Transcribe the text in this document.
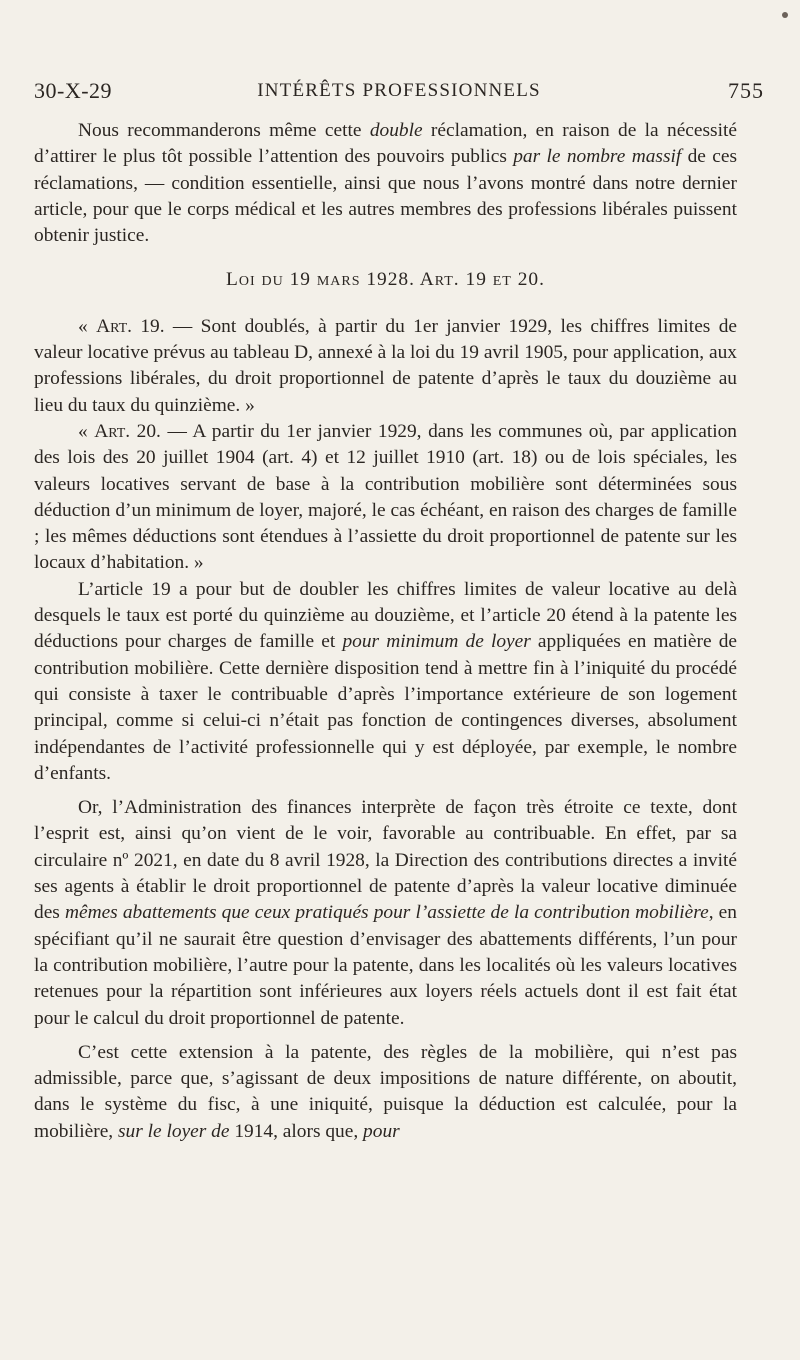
30-X-29	INTÉRÊTS PROFESSIONNELS	755

Nous recommanderons même cette double réclamation, en raison de la nécessité d’attirer le plus tôt possible l’attention des pouvoirs publics par le nombre massif de ces réclamations, — condition essentielle, ainsi que nous l’avons montré dans notre dernier article, pour que le corps médical et les autres membres des professions libérales puissent obtenir justice.

Loi du 19 mars 1928. Art. 19 et 20.

« Art. 19. — Sont doublés, à partir du 1er janvier 1929, les chiffres limites de valeur locative prévus au tableau D, annexé à la loi du 19 avril 1905, pour application, aux professions libérales, du droit proportionnel de patente d’après le taux du douzième au lieu du taux du quinzième. »

« Art. 20. — A partir du 1er janvier 1929, dans les communes où, par application des lois des 20 juillet 1904 (art. 4) et 12 juillet 1910 (art. 18) ou de lois spéciales, les valeurs locatives servant de base à la contribution mobilière sont déterminées sous déduction d’un minimum de loyer, majoré, le cas échéant, en raison des charges de famille ; les mêmes déductions sont étendues à l’assiette du droit proportionnel de patente sur les locaux d’habitation. »

L’article 19 a pour but de doubler les chiffres limites de valeur locative au delà desquels le taux est porté du quinzième au douzième, et l’article 20 étend à la patente les déductions pour charges de famille et pour minimum de loyer appliquées en matière de contribution mobilière. Cette dernière disposition tend à mettre fin à l’iniquité du procédé qui consiste à taxer le contribuable d’après l’importance extérieure de son logement principal, comme si celui-ci n’était pas fonction de contingences diverses, absolument indépendantes de l’activité professionnelle qui y est déployée, par exemple, le nombre d’enfants.

Or, l’Administration des finances interprète de façon très étroite ce texte, dont l’esprit est, ainsi qu’on vient de le voir, favorable au contribuable. En effet, par sa circulaire nº 2021, en date du 8 avril 1928, la Direction des contributions directes a invité ses agents à établir le droit proportionnel de patente d’après la valeur locative diminuée des mêmes abattements que ceux pratiqués pour l’assiette de la contribution mobilière, en spécifiant qu’il ne saurait être question d’envisager des abattements différents, l’un pour la contribution mobilière, l’autre pour la patente, dans les localités où les valeurs locatives retenues pour la répartition sont inférieures aux loyers réels actuels dont il est fait état pour le calcul du droit proportionnel de patente.

C’est cette extension à la patente, des règles de la mobilière, qui n’est pas admissible, parce que, s’agissant de deux impositions de nature différente, on aboutit, dans le système du fisc, à une iniquité, puisque la déduction est calculée, pour la mobilière, sur le loyer de 1914, alors que, pour
